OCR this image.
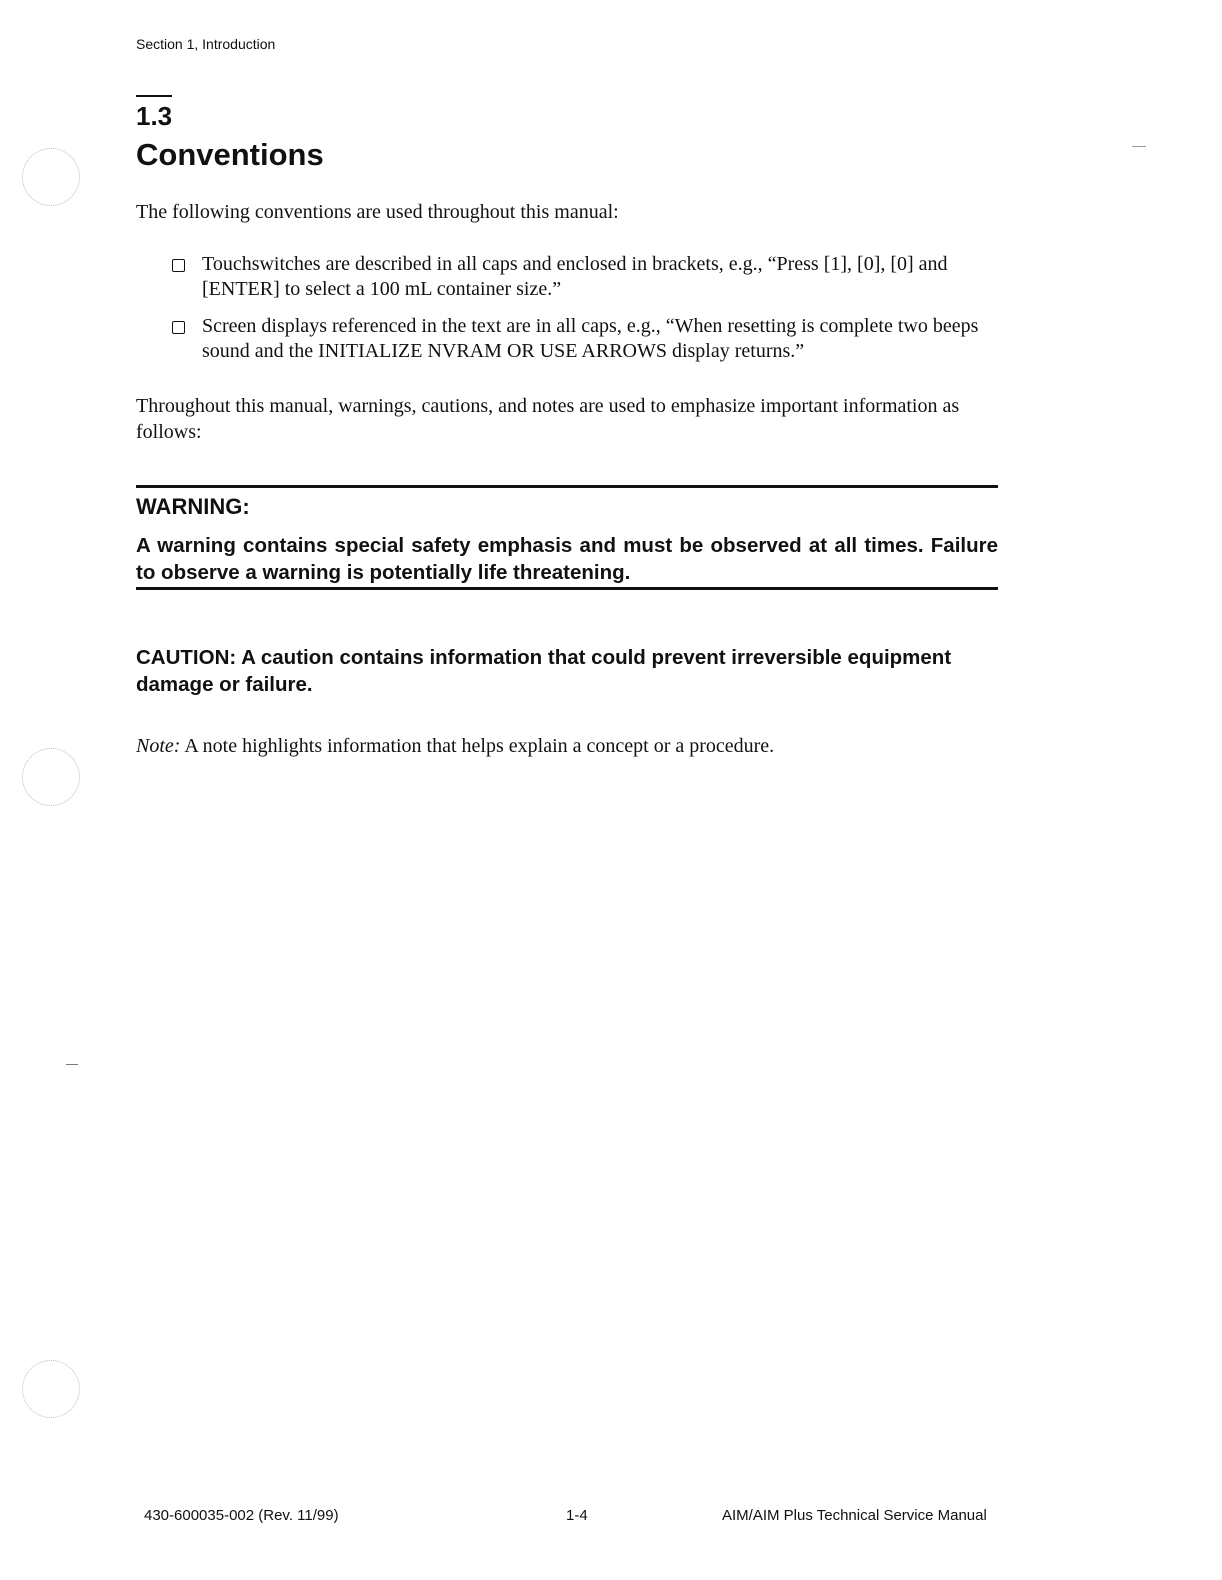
Section 1, Introduction
1.3
Conventions
The following conventions are used throughout this manual:
Touchswitches are described in all caps and enclosed in brackets, e.g., “Press [1], [0], [0] and [ENTER] to select a 100 mL container size.”
Screen displays referenced in the text are in all caps, e.g., “When resetting is complete two beeps sound and the INITIALIZE NVRAM OR USE ARROWS display returns.”
Throughout this manual, warnings, cautions, and notes are used to emphasize important information as follows:
WARNING:
A warning contains special safety emphasis and must be observed at all times. Failure to observe a warning is potentially life threatening.
CAUTION: A caution contains information that could prevent irreversible equipment damage or failure.
Note: A note highlights information that helps explain a concept or a procedure.
430-600035-002 (Rev. 11/99)	1-4	AIM/AIM Plus Technical Service Manual
